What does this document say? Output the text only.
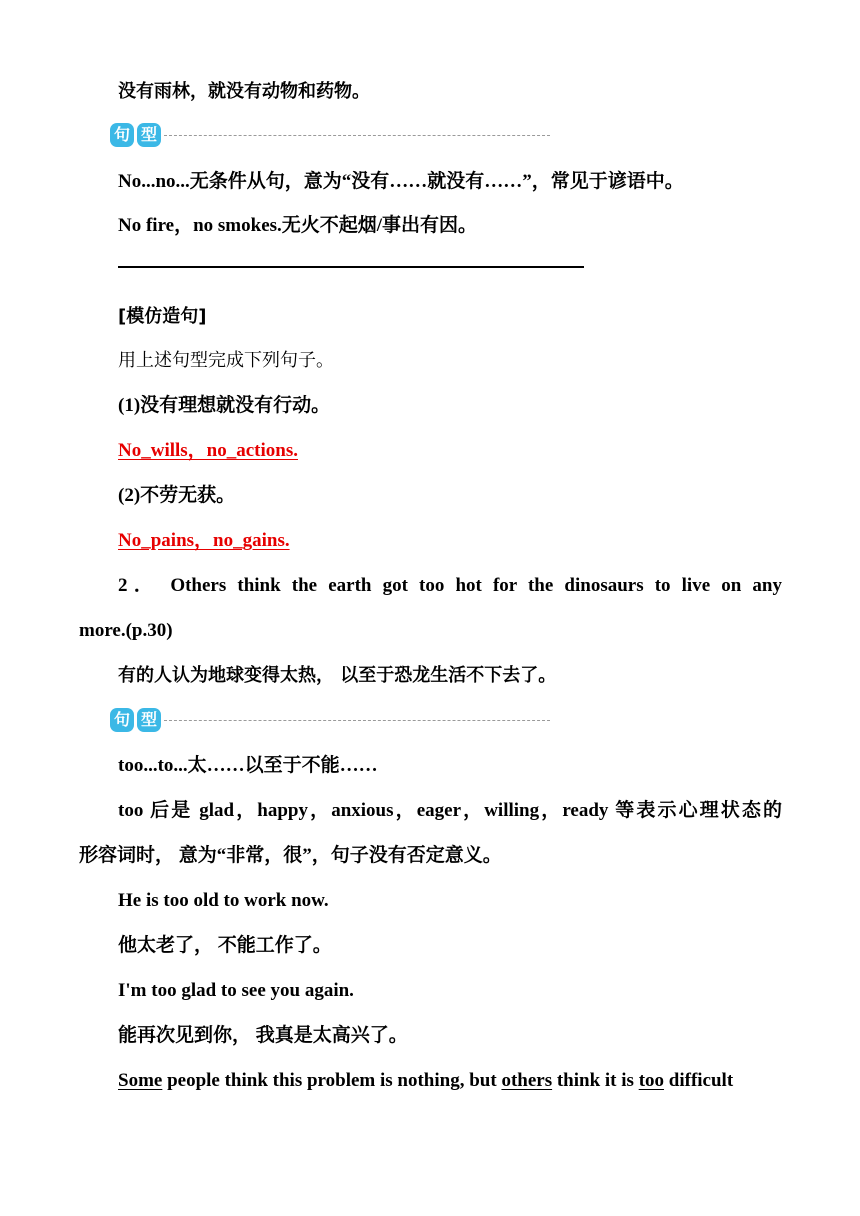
没有雨林，就没有动物和药物。
句 型
No...no...无条件从句，意为“没有……就没有……”，常见于谚语中。
No fire，no smokes.无火不起烟/事出有因。
[模仿造句]
用上述句型完成下列句子。
(1)没有理想就没有行动。
No_wills，no_actions.
(2)不劳无获。
No_pains，no_gains.
2． Others think the earth got too hot for the dinosaurs to live on any
more.(p.30)
有的人认为地球变得太热， 以至于恐龙生活不下去了。
句 型
too...to...太……以至于不能……
too 后是 glad，happy，anxious，eager，willing，ready 等表示心理状态的
形容词时， 意为“非常，很”，句子没有否定意义。
He is too old to work now.
他太老了， 不能工作了。
I'm too glad to see you again.
能再次见到你， 我真是太高兴了。
Some people think this problem is nothing, but others think it is too difficult
